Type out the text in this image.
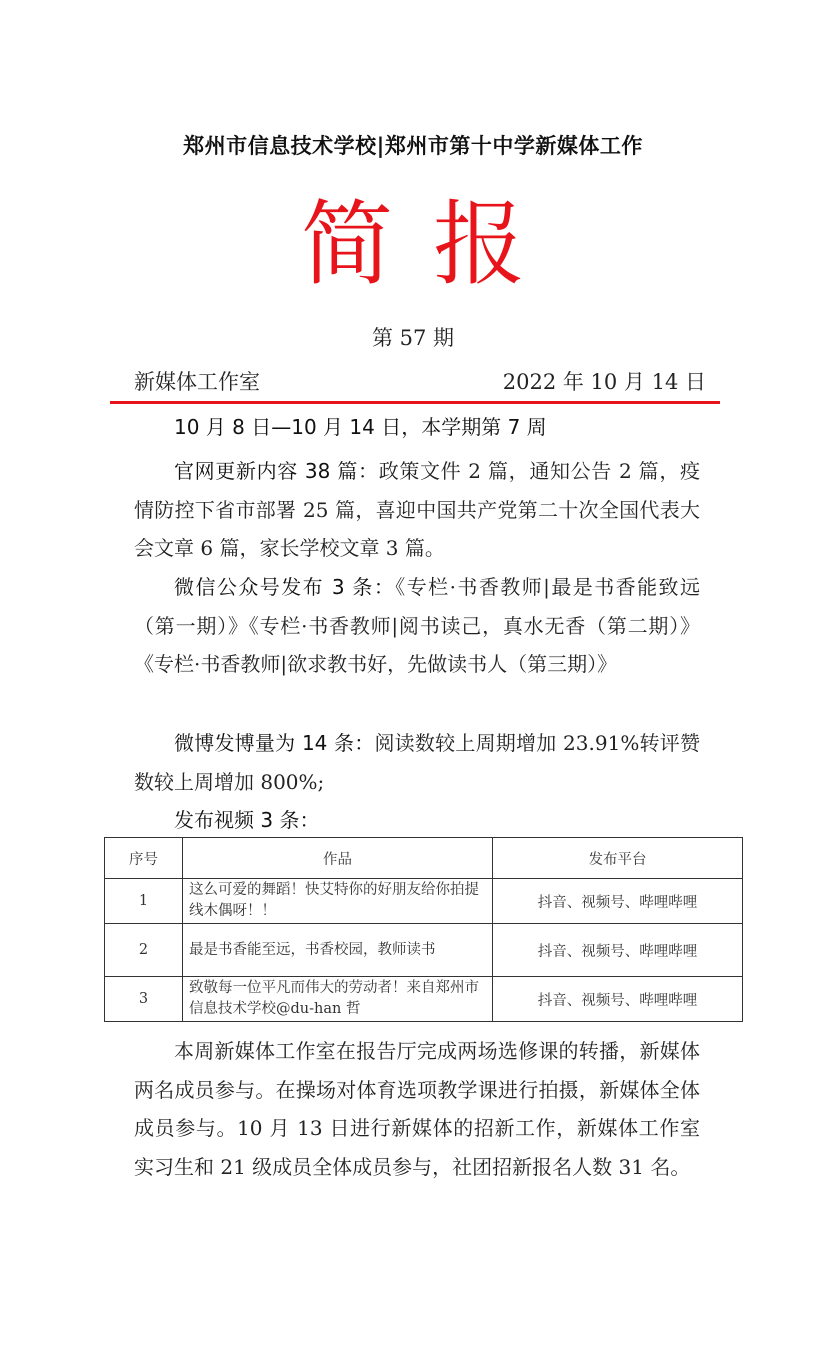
郑州市信息技术学校|郑州市第十中学新媒体工作
简报
第 57 期
新媒体工作室	2022 年 10 月 14 日
10 月 8 日—10 月 14 日，本学期第 7 周
官网更新内容 38 篇：政策文件 2 篇，通知公告 2 篇，疫情防控下省市部署 25 篇，喜迎中国共产党第二十次全国代表大会文章 6 篇，家长学校文章 3 篇。
微信公众号发布 3 条：《专栏·书香教师|最是书香能致远（第一期）》《专栏·书香教师|阅书读己，真水无香（第二期）》《专栏·书香教师|欲求教书好，先做读书人（第三期）》
微博发博量为 14 条：阅读数较上周期增加 23.91%转评赞数较上周增加 800%;
发布视频 3 条：
序号	作品	发布平台
1	这么可爱的舞蹈！快艾特你的好朋友给你拍提线木偶呀！！	抖音、视频号、哔哩哔哩
2	最是书香能至远，书香校园，教师读书	抖音、视频号、哔哩哔哩
3	致敬每一位平凡而伟大的劳动者！来自郑州市信息技术学校@du-han 哲	抖音、视频号、哔哩哔哩
本周新媒体工作室在报告厅完成两场选修课的转播，新媒体两名成员参与。在操场对体育选项教学课进行拍摄，新媒体全体成员参与。10 月 13 日进行新媒体的招新工作，新媒体工作室实习生和 21 级成员全体成员参与，社团招新报名人数 31 名。
